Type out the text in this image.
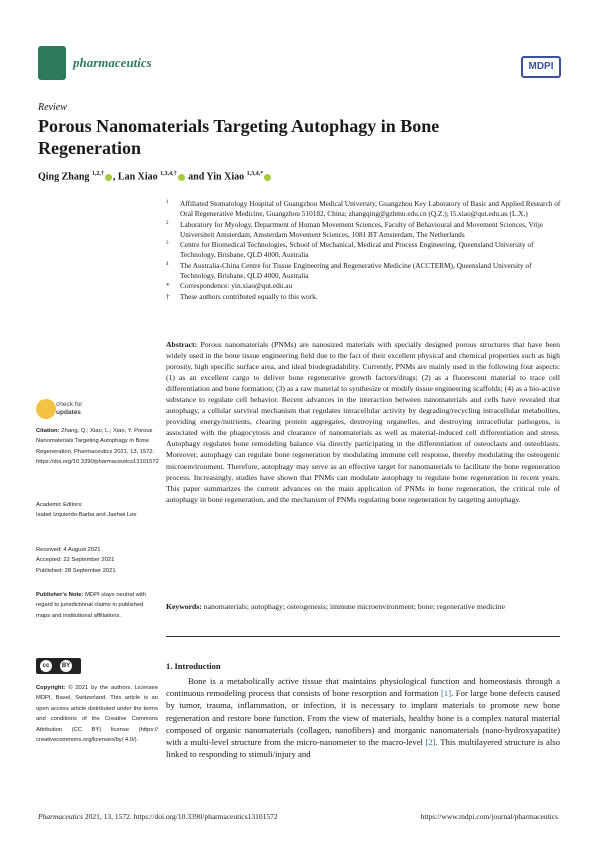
pharmaceutics	MDPI
Review
Porous Nanomaterials Targeting Autophagy in Bone Regeneration
Qing Zhang $^{1,2,\dagger}$ , Lan Xiao $^{1,3,4,\dagger}$ and Yin Xiao $^{1,3,4,*}$
1 Affiliated Stomatology Hospital of Guangzhou Medical University, Guangzhou Key Laboratory of Basic and Applied Research of Oral Regenerative Medicine, Guangzhou 510182, China; zhangqing@gzhmu.edu.cn (Q.Z.); l5.xiao@qut.edu.au (L.X.)
2 Laboratory for Myology, Department of Human Movement Sciences, Faculty of Behavioural and Movement Sciences, Vrije Universiteit Amsterdam, Amsterdam Movement Sciences, 1081 BT Amsterdam, The Netherlands
3 Centre for Biomedical Technologies, School of Mechanical, Medical and Process Engineering, Queensland University of Technology, Brisbane, QLD 4000, Australia
4 The Australia-China Centre for Tissue Engineering and Regenerative Medicine (ACCTERM), Queensland University of Technology, Brisbane, QLD 4000, Australia
* Correspondence: yin.xiao@qut.edu.au
† These authors contributed equally to this work.
Abstract: Porous nanomaterials (PNMs) are nanosized materials with specially designed porous structures that have been widely used in the bone tissue engineering field due to the fact of their excellent physical and chemical properties such as high porosity, high specific surface area, and ideal biodegradability. Currently, PNMs are mainly used in the following four aspects: (1) as an excellent cargo to deliver bone regenerative growth factors/drugs; (2) as a fluorescent material to trace cell differentiation and bone formation; (3) as a raw material to synthesize or modify tissue engineering scaffolds; (4) as a bio-active substance to regulate cell behavior. Recent advances in the interaction between nanomaterials and cells have revealed that autophagy, a cellular survival mechanism that regulates intracellular activity by degrading/recycling intracellular metabolites, providing energy/nutrients, clearing protein aggregates, destroying organelles, and destroying intracellular pathogens, is associated with the phagocytosis and clearance of nanomaterials as well as material-induced cell differentiation and stress. Autophagy regulates bone remodeling balance via directly participating in the differentiation of osteoclasts and osteoblasts. Moreover, autophagy can regulate bone regeneration by modulating immune cell response, thereby modulating the osteogenic microenvironment. Therefore, autophagy may serve as an effective target for nanomaterials to facilitate the bone regeneration process. Increasingly, studies have shown that PNMs can modulate autophagy to regulate bone regeneration in recent years. This paper summarizes the current advances on the main application of PNMs in bone regeneration, the critical role of autophagy in bone regeneration, and the mechanism of PNMs regulating bone regeneration by targeting autophagy.
Keywords: nanomaterials; autophagy; osteogenesis; immune microenvironment; bone; regenerative medicine
check for
updates
Citation: Zhang, Q.; Xiao, L.; Xiao, Y. Porous Nanomaterials Targeting Autophagy in Bone Regeneration. Pharmaceutics 2021, 13, 1572. https://doi.org/10.3390/pharmaceutics13101572
Academic Editors:
Isabel Izquierdo-Barba and Jaehwi Lee
Received: 4 August 2021
Accepted: 22 September 2021
Published: 28 September 2021
Publisher's Note: MDPI stays neutral with regard to jurisdictional claims in published maps and institutional affiliations.
cc	BY
Copyright: © 2021 by the authors. Licensee MDPI, Basel, Switzerland. This article is an open access article distributed under the terms and conditions of the Creative Commons Attribution (CC BY) license (https:// creativecommons.org/licenses/by/ 4.0/).
1. Introduction
Bone is a metabolically active tissue that maintains physiological function and homeostasis through a continuous remodeling process that consists of bone resorption and formation [1]. For large bone defects caused by tumor, trauma, inflammation, or infection, it is necessary to implant materials to promote new bone regeneration and restore bone function. From the view of materials, healthy bone is a complex natural material composed of organic nanomaterials (collagen, nanofibers) and inorganic nanomaterials (nano-hydroxyapatite) with a multi-level structure from the micro-nanometer to the macro-level [2]. This multilayered structure is also linked to responding to stimuli/injury and
Pharmaceutics 2021, 13, 1572. https://doi.org/10.3390/pharmaceutics13101572	https://www.mdpi.com/journal/pharmaceutics
